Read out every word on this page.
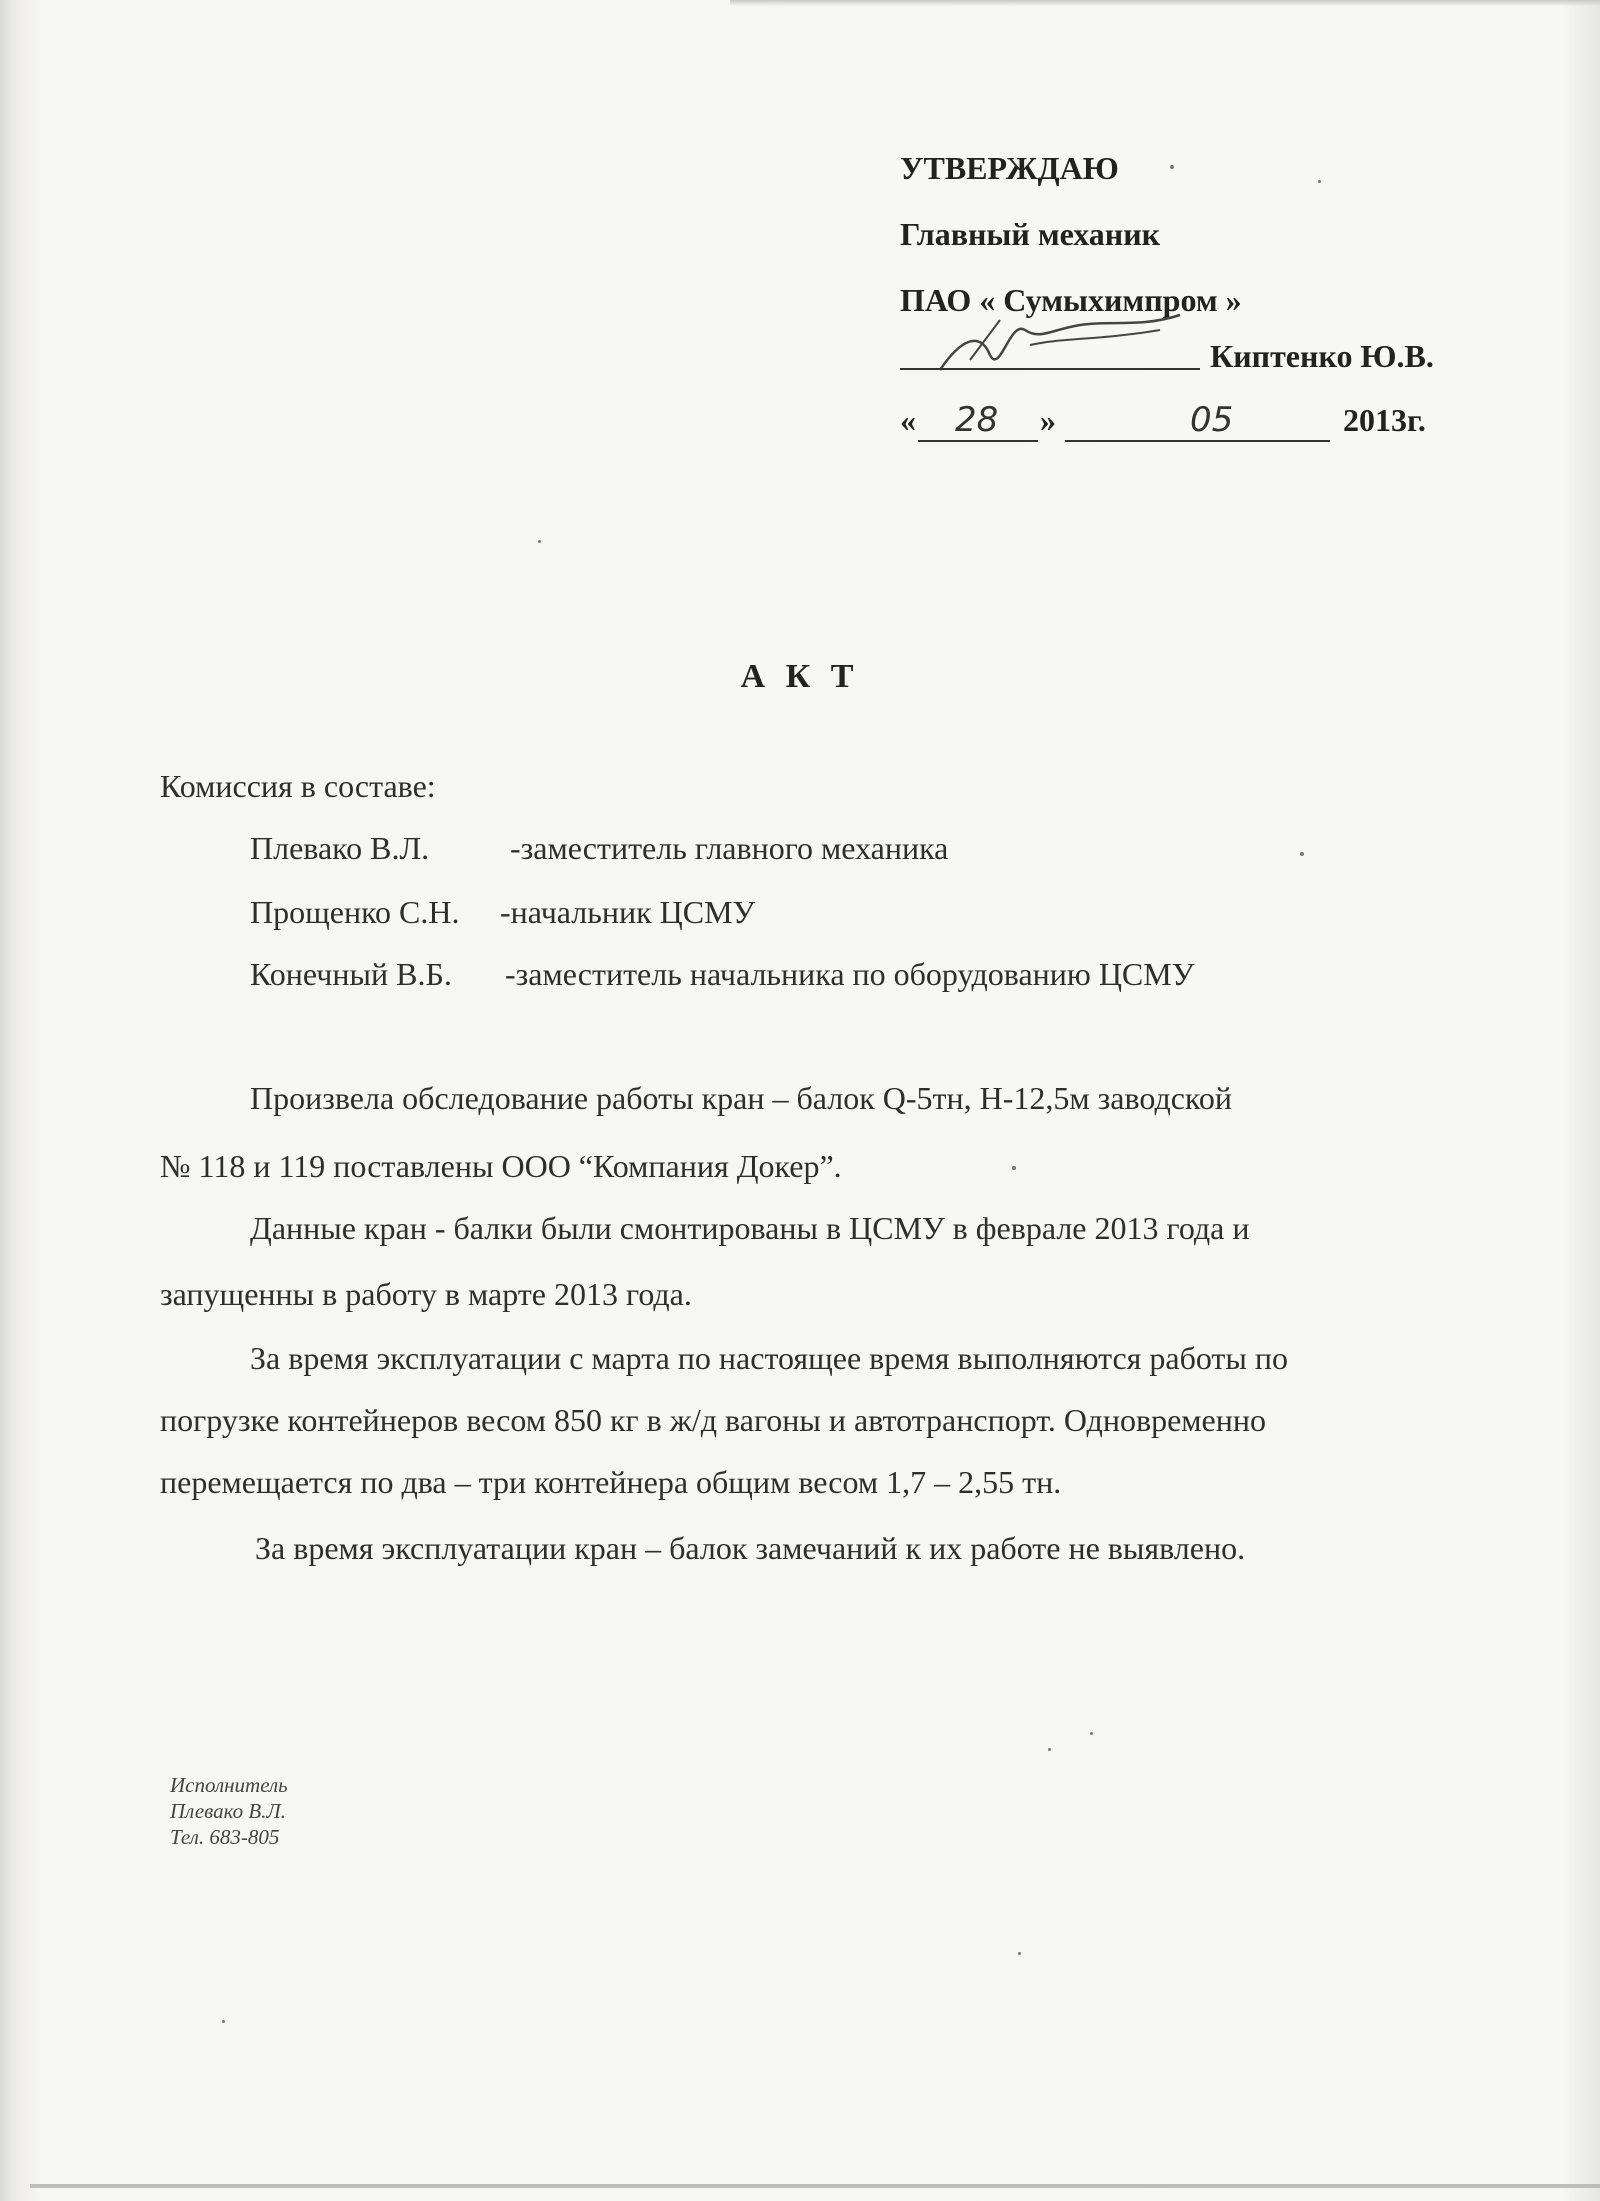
УТВЕРЖДАЮ
Главный механик
ПАО « Сумыхимпром »
Киптенко Ю.В.
« 28 »	05	2013г.
А К Т
Комиссия в составе:
Плевако В.Л.	-заместитель главного механика
Прощенко С.Н. -начальник ЦСМУ
Конечный В.Б. -заместитель начальника по оборудованию ЦСМУ
Произвела обследование работы кран – балок Q-5тн, Н-12,5м заводской
№ 118 и 119 поставлены ООО “Компания Докер”.
Данные кран - балки были смонтированы в ЦСМУ в феврале 2013 года и
запущенны в работу в марте 2013 года.
За время эксплуатации с марта по настоящее время выполняются работы по
погрузке контейнеров весом 850 кг в ж/д вагоны и автотранспорт. Одновременно
перемещается по два – три контейнера общим весом 1,7 – 2,55 тн.
За время эксплуатации кран – балок замечаний к их работе не выявлено.
Исполнитель
Плевако В.Л.
Тел. 683-805
